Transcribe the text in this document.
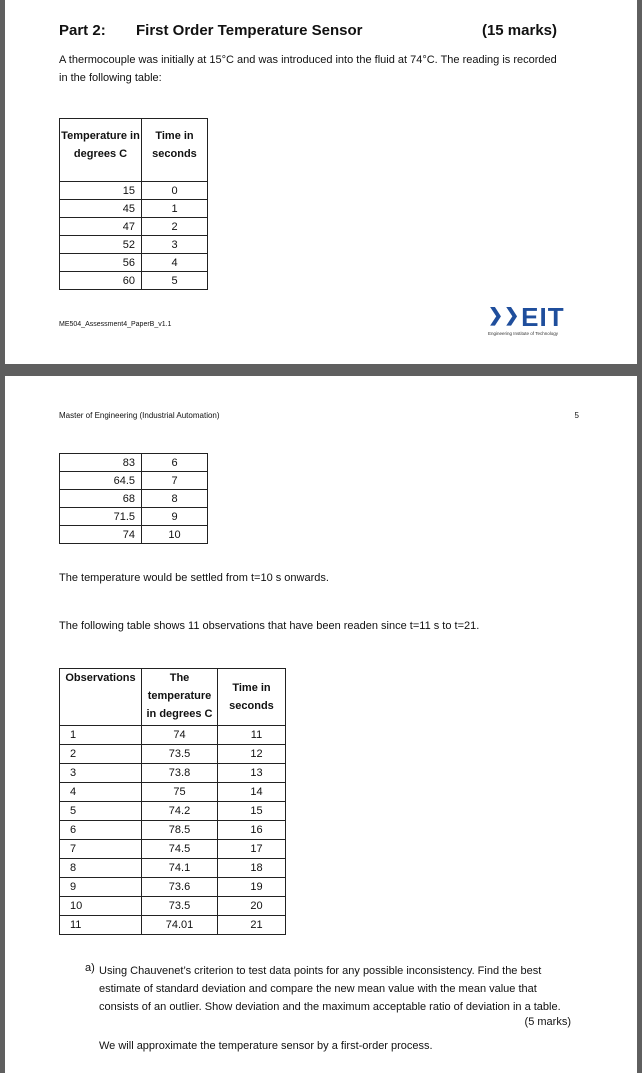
Part 2: First Order Temperature Sensor	(15 marks)
A thermocouple was initially at 15°C and was introduced into the fluid at 74°C. The reading is recorded in the following table:
Temperature in degrees C	Time in seconds
15	0
45	1
47	2
52	3
56	4
60	5
ME504_Assessment4_PaperB_v1.1	❯❯EIT
Engineering Institute of Technology
Master of Engineering (Industrial Automation)	5
83	6
64.5	7
68	8
71.5	9
74	10
The temperature would be settled from t=10 s onwards.
The following table shows 11 observations that have been readen since t=11 s to t=21.
Observations	The temperature in degrees C	Time in seconds
1	74	11
2	73.5	12
3	73.8	13
4	75	14
5	74.2	15
6	78.5	16
7	74.5	17
8	74.1	18
9	73.6	19
10	73.5	20
11	74.01	21
a) Using Chauvenet’s criterion to test data points for any possible inconsistency. Find the best estimate of standard deviation and compare the new mean value with the mean value that consists of an outlier. Show deviation and the maximum acceptable ratio of deviation in a table.
(5 marks)
We will approximate the temperature sensor by a first-order process.
